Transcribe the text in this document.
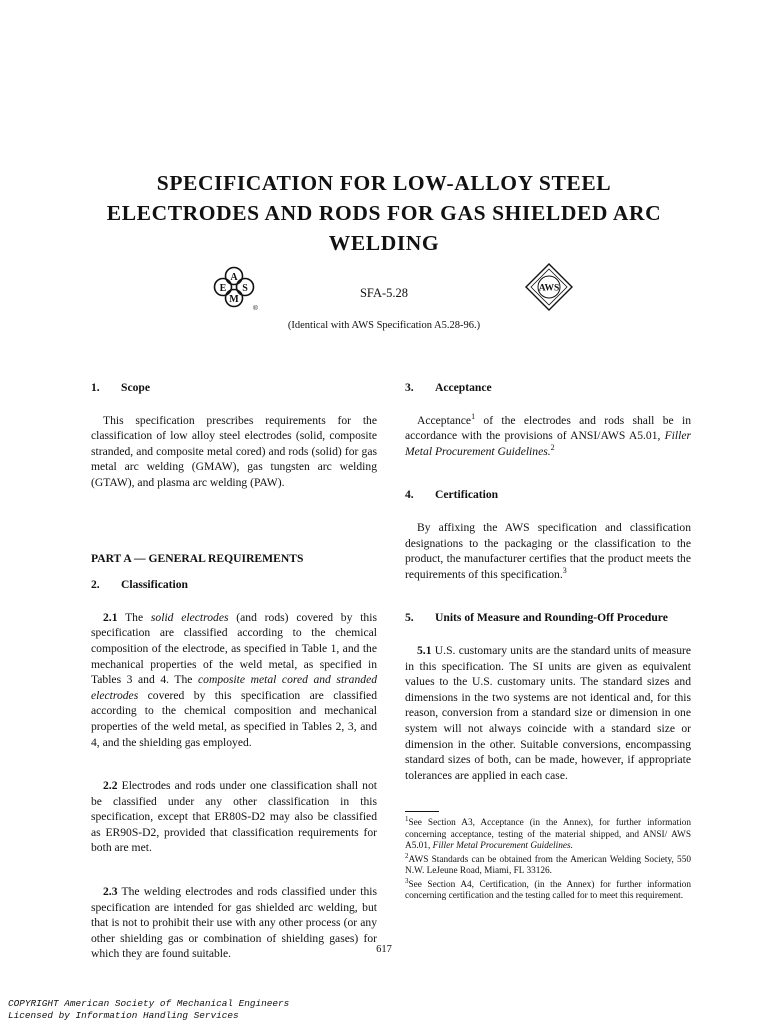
SPECIFICATION FOR LOW-ALLOY STEEL
ELECTRODES AND RODS FOR GAS SHIELDED ARC
WELDING
A
E S
M
®
SFA-5.28	AWS
(Identical with AWS Specification A5.28-96.)
1.	Scope

This specification prescribes requirements for the classification of low alloy steel electrodes (solid, composite stranded, and composite metal cored) and rods (solid) for gas metal arc welding (GMAW), gas tungsten arc welding (GTAW), and plasma arc welding (PAW).

PART A — GENERAL REQUIREMENTS
2.	Classification

2.1 The solid electrodes (and rods) covered by this specification are classified according to the chemical composition of the electrode, as specified in Table 1, and the mechanical properties of the weld metal, as specified in Tables 3 and 4. The composite metal cored and stranded electrodes covered by this specification are classified according to the chemical composition and mechanical properties of the weld metal, as specified in Tables 2, 3, and 4, and the shielding gas employed.

2.2 Electrodes and rods under one classification shall not be classified under any other classification in this specification, except that ER80S-D2 may also be classified as ER90S-D2, provided that classification requirements for both are met.

2.3 The welding electrodes and rods classified under this specification are intended for gas shielded arc welding, but that is not to prohibit their use with any other process (or any other shielding gas or combination of shielding gases) for which they are found suitable.

3.	Acceptance

Acceptance$^1$ of the electrodes and rods shall be in accordance with the provisions of ANSI/AWS A5.01, Filler Metal Procurement Guidelines.$^2$

4.	Certification

By affixing the AWS specification and classification designations to the packaging or the classification to the product, the manufacturer certifies that the product meets the requirements of this specification.$^3$

5.	Units of Measure and Rounding-Off Procedure

5.1 U.S. customary units are the standard units of measure in this specification. The SI units are given as equivalent values to the U.S. customary units. The standard sizes and dimensions in the two systems are not identical and, for this reason, conversion from a standard size or dimension in one system will not always coincide with a standard size or dimension in the other. Suitable conversions, encompassing standard sizes of both, can be made, however, if appropriate tolerances are applied in each case.

$^1$See Section A3, Acceptance (in the Annex), for further information concerning acceptance, testing of the material shipped, and ANSI/ AWS A5.01, Filler Metal Procurement Guidelines.
$^2$AWS Standards can be obtained from the American Welding Society, 550 N.W. LeJeune Road, Miami, FL 33126.
$^3$See Section A4, Certification, (in the Annex) for further information concerning certification and the testing called for to meet this requirement.
617
COPYRIGHT American Society of Mechanical Engineers
Licensed by Information Handling Services
